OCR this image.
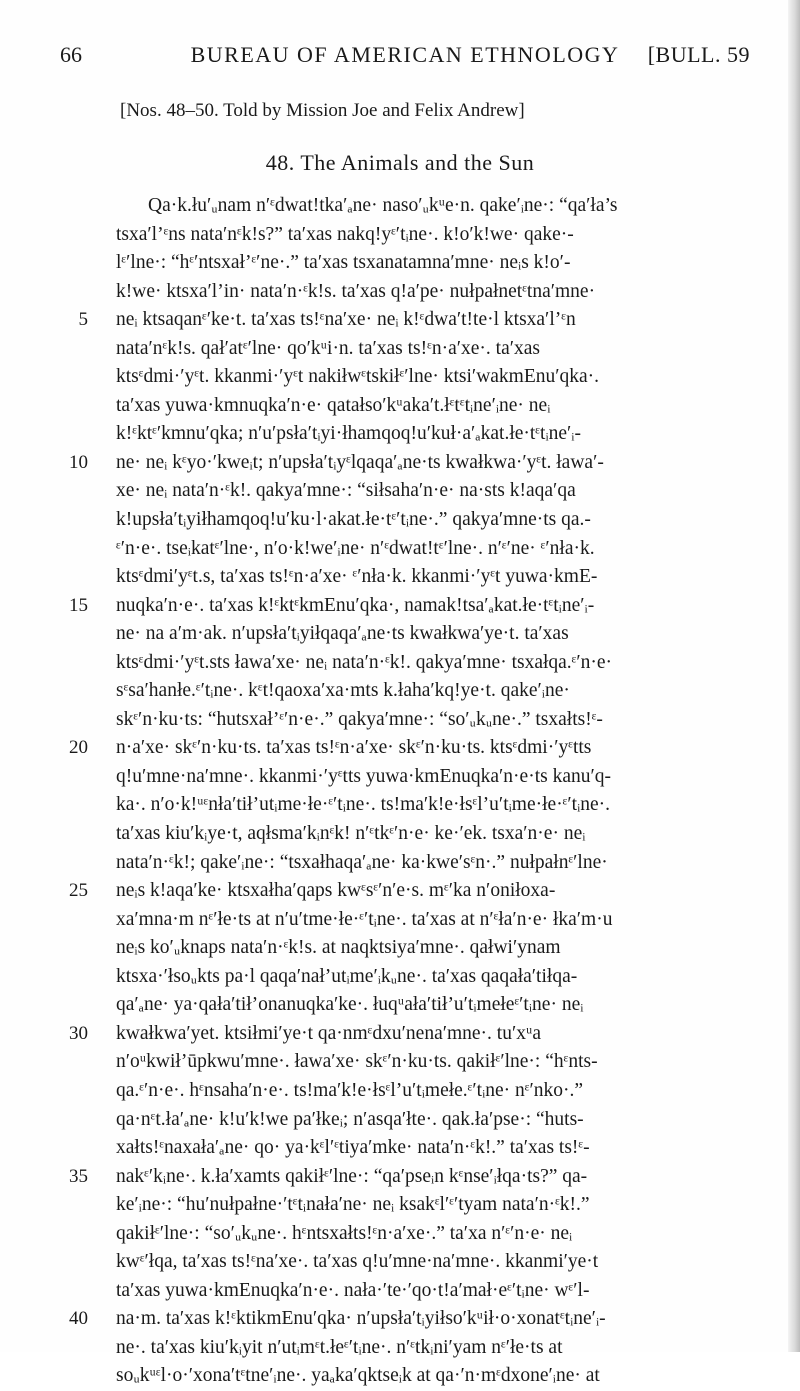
66	BUREAU OF AMERICAN ETHNOLOGY	[BULL. 59
[Nos. 48–50. Told by Mission Joe and Felix Andrew]
48. The Animals and the Sun
Qa·k.łu′ᵤnam n′ᵋdwat!tka′ₐne· naso′ᵤkᵘe·n. qake′ᵢne·: “qa′ła’s
tsxa′l’ᵋns nata′nᵋk!s?” ta′xas nakq!yᵋ′tᵢne·. k!o′k!we· qake·-
lᵋ′lne·: “hᵋ′ntsxał’ᵋ′ne·.” ta′xas tsxanatamna′mne· neᵢs k!o′-
k!we· ktsxa′l’in· nata′n·ᵋk!s. ta′xas q!a′pe· nułpałnetᵋtna′mne·
5 neᵢ ktsaqanᵋ′ke·t. ta′xas ts!ᵋna′xe· neᵢ k!ᵋdwa′t!te·l ktsxa′l’ᵋn
nata′nᵋk!s. qał′atᵋ′lne· qo′kᵘi·n. ta′xas ts!ᵋn·a′xe·. ta′xas
ktsᵋdmi·′yᵋt. kkanmi·′yᵋt nakiłwᵋtskiłᵋ′lne· ktsi′wakmEnu′qka·.
ta′xas yuwa·kmnuqka′n·e· qatałso′kᵘaka′t.łᵋtᵋtᵢne′ᵢne· neᵢ
k!ᵋktᵋ′kmnu′qka; n′u′psła′tᵢyi·łhamqoq!u′kuł·a′ₐkat.łe·tᵋtᵢne′ᵢ-
10 ne· neᵢ kᵋyo·′kweᵢt; n′upsła′tᵢyᵋlqaqa′ₐne·ts kwałkwa·′yᵋt. ława′-
xe· neᵢ nata′n·ᵋk!. qakya′mne·: “siłsaha′n·e· na·sts k!aqa′qa
k!upsła′tᵢyiłhamqoq!u′ku·l·akat.łe·tᵋ′tᵢne·.” qakya′mne·ts qa.-
ᵋ′n·e·. tseᵢkatᵋ′lne·, n′o·k!we′ᵢne· n′ᵋdwat!tᵋ′lne·. n′ᵋ′ne· ᵋ′nła·k.
ktsᵋdmi′yᵋt.s, ta′xas ts!ᵋn·a′xe· ᵋ′nła·k. kkanmi·′yᵋt yuwa·kmE-
15 nuqka′n·e·. ta′xas k!ᵋktᵋkmEnu′qka·, namak!tsa′ₐkat.łe·tᵋtᵢne′ᵢ-
ne· na a′m·ak. n′upsła′tᵢyiłqaqa′ₐne·ts kwałkwa′ye·t. ta′xas
ktsᵋdmi·′yᵋt.sts ława′xe· neᵢ nata′n·ᵋk!. qakya′mne· tsxałqa.ᵋ′n·e·
sᵋsa′hanłe.ᵋ′tᵢne·. kᵋt!qaoxa′xa·mts k.łaha′kq!ye·t. qake′ᵢne·
skᵋ′n·ku·ts: “hutsxał’ᵋ′n·e·.” qakya′mne·: “so′ᵤkᵤne·.” tsxałts!ᵋ-
20 n·a′xe· skᵋ′n·ku·ts. ta′xas ts!ᵋn·a′xe· skᵋ′n·ku·ts. ktsᵋdmi·′yᵋtts
q!u′mne·na′mne·. kkanmi·′yᵋtts yuwa·kmEnuqka′n·e·ts kanu′q-
ka·. n′o·k!ᵘᵋnła′tił’utᵢme·łe·ᵋ′tᵢne·. ts!ma′k!e·łsᵋl’u′tᵢme·łe·ᵋ′tᵢne·.
ta′xas kiu′kᵢye·t, aqłsma′kᵢnᵋk! n′ᵋtkᵋ′n·e· ke·′ek. tsxa′n·e· neᵢ
nata′n·ᵋk!; qake′ᵢne·: “tsxałhaqa′ₐne· ka·kwe′sᵋn·.” nułpałnᵋ′lne·
25 neᵢs k!aqa′ke· ktsxałha′qaps kwᵋsᵋ′n′e·s. mᵋ′ka n′oniłoxa-
xa′mna·m nᵋ′łe·ts at n′u′tme·łe·ᵋ′tᵢne·. ta′xas at n′ᵋła′n·e· łka′m·u
neᵢs ko′ᵤknaps nata′n·ᵋk!s. at naqktsiya′mne·. qałwi′ynam
ktsxa·′łsoᵤkts pa·l qaqa′nał’utᵢme′ᵢkᵤne·. ta′xas qaqała′tiłqa-
qa′ₐne· ya·qała′tił’onanuqka′ke·. łuqᵘała′tił’u′tᵢmełeᵋ′tᵢne· neᵢ
30 kwałkwa′yet. ktsiłmi′ye·t qa·nmᵋdxu′nena′mne·. tu′xᵘa
n′oᵘkwił’ūpkwu′mne·. ława′xe· skᵋ′n·ku·ts. qakiłᵋ′lne·: “hᵋnts-
qa.ᵋ′n·e·. hᵋnsaha′n·e·. ts!ma′k!e·łsᵋl’u′tᵢmełe.ᵋ′tᵢne· nᵋ′nko·.”
qa·nᵋt.ła′ₐne· k!u′k!we pa′łkeᵢ; n′asqa′łte·. qak.ła′pse·: “huts-
xałts!ᵋnaxała′ₐne· qo· ya·kᵋl′ᵋtiya′mke· nata′n·ᵋk!.” ta′xas ts!ᵋ-
35 nakᵋ′kᵢne·. k.ła′xamts qakiłᵋ′lne·: “qa′pseᵢn kᵋnse′ᵢłqa·ts?” qa-
ke′ᵢne·: “hu′nułpałne·′tᵋtᵢnała′ne· neᵢ ksakᵋl′ᵋ′tyam nata′n·ᵋk!.”
qakiłᵋ′lne·: “so′ᵤkᵤne·. hᵋntsxałts!ᵋn·a′xe·.” ta′xa n′ᵋ′n·e· neᵢ
kwᵋ′łqa, ta′xas ts!ᵋna′xe·. ta′xas q!u′mne·na′mne·. kkanmi′ye·t
ta′xas yuwa·kmEnuqka′n·e·. nała·′te·′qo·t!a′mał·eᵋ′tᵢne· wᵋ′l-
40 na·m. ta′xas k!ᵋktikmEnu′qka· n′upsła′tᵢyiłso′kᵘił·o·xonatᵋtᵢne′ᵢ-
ne·. ta′xas kiu′kᵢyit n′utᵢmᵋt.łeᵋ′tᵢne·. n′ᵋtkᵢni′yam nᵋ′łe·ts at
soᵤkᵘᵋl·o·′xona′tᵋtne′ᵢne·. yaₐka′qktseᵢk at qa·′n·mᵋdxone′ᵢne· at
